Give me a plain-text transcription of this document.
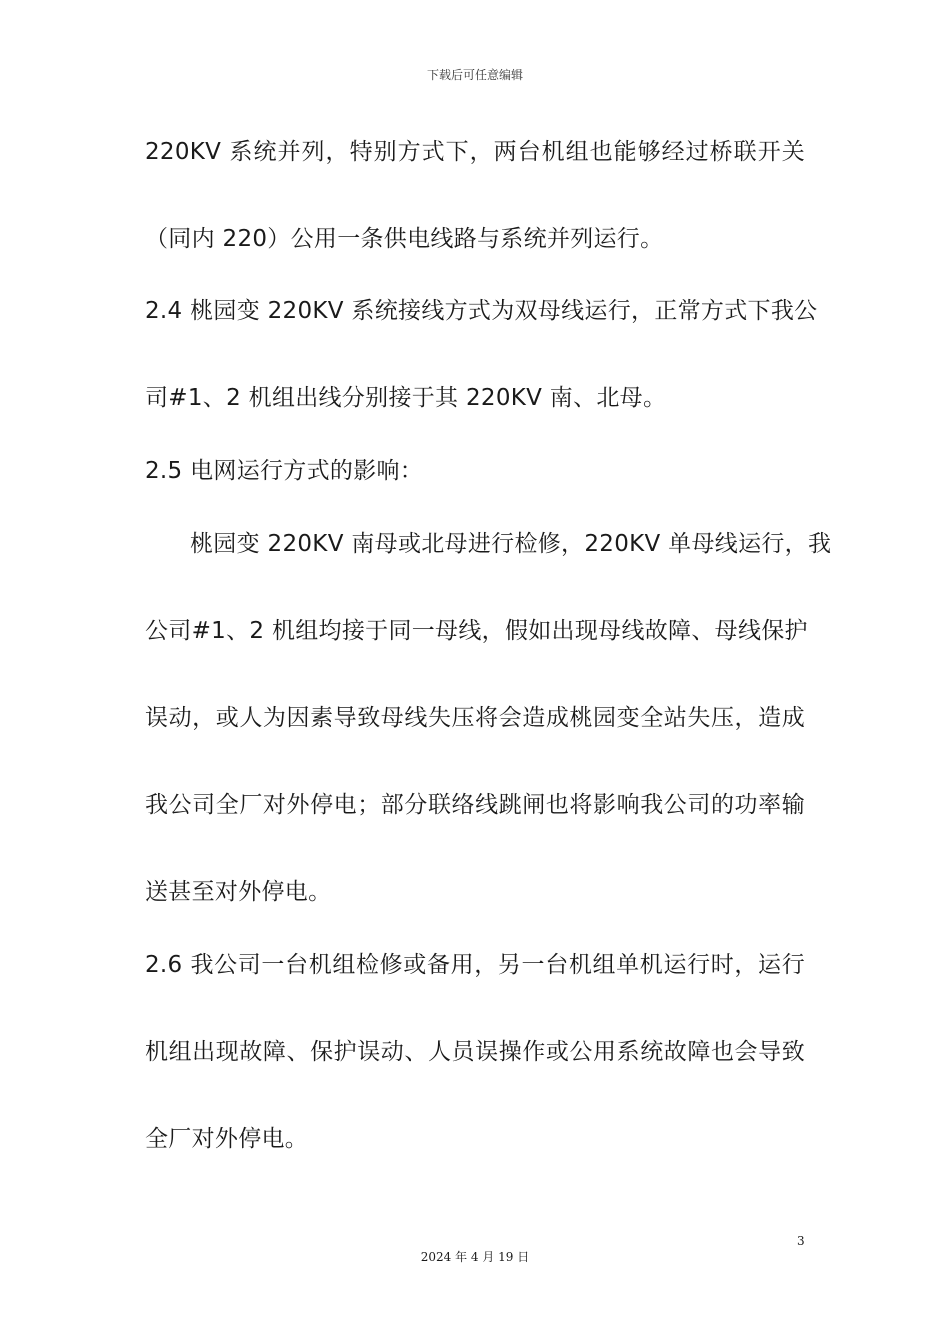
下载后可任意编辑
220KV 系统并列，特别方式下，两台机组也能够经过桥联开关
（同内 220）公用一条供电线路与系统并列运行。
2.4 桃园变 220KV 系统接线方式为双母线运行，正常方式下我公
司#1、2 机组出线分别接于其 220KV 南、北母。
2.5 电网运行方式的影响：
桃园变 220KV 南母或北母进行检修，220KV 单母线运行，我
公司#1、2 机组均接于同一母线，假如出现母线故障、母线保护
误动，或人为因素导致母线失压将会造成桃园变全站失压，造成
我公司全厂对外停电；部分联络线跳闸也将影响我公司的功率输
送甚至对外停电。
2.6 我公司一台机组检修或备用，另一台机组单机运行时，运行
机组出现故障、保护误动、人员误操作或公用系统故障也会导致
全厂对外停电。
3
2024 年 4 月 19 日
